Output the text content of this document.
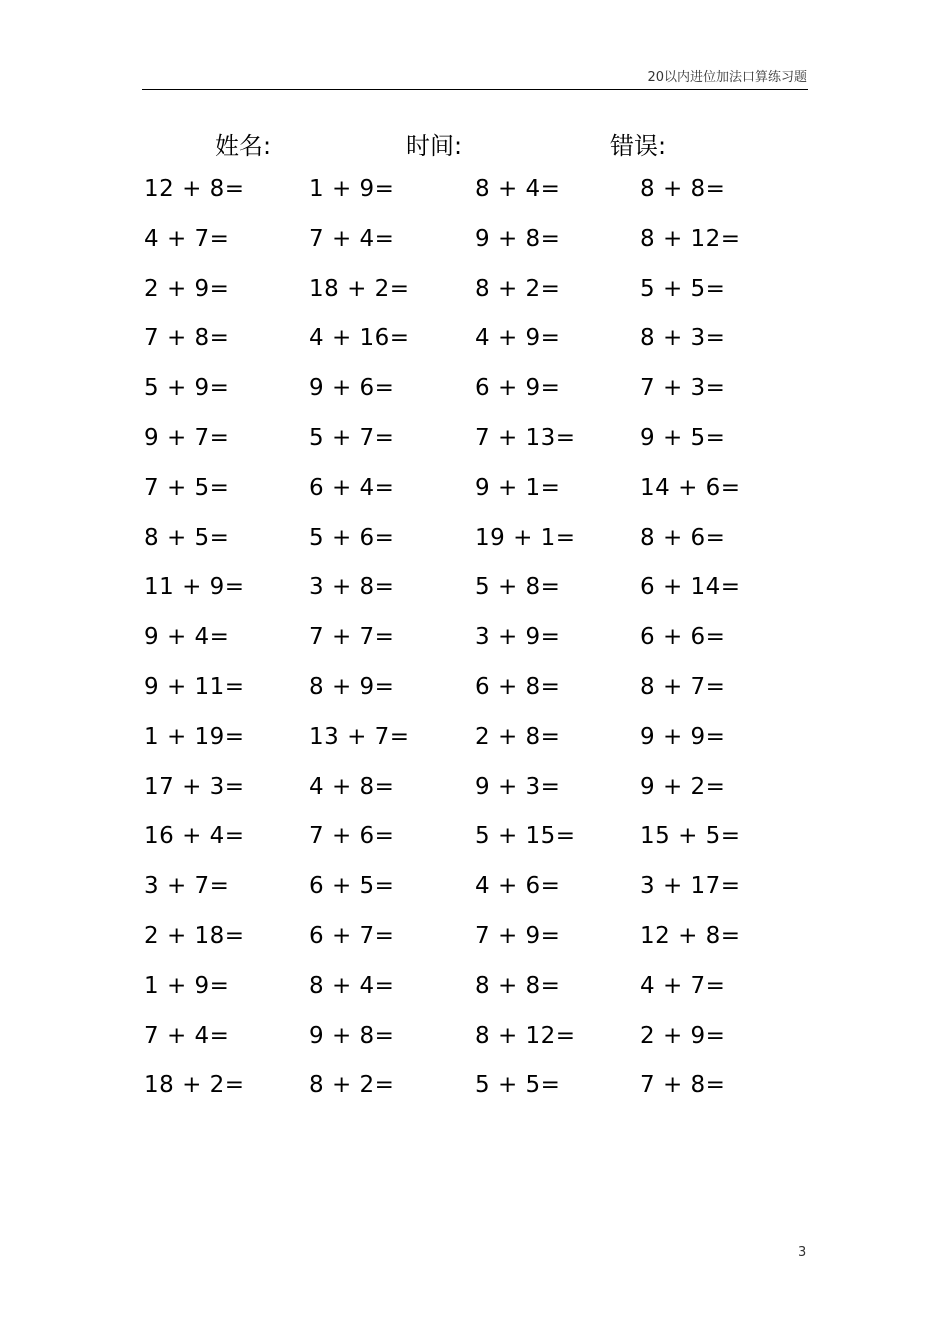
20以内进位加法口算练习题
姓名:	时间:	错误:
12 + 8=	1 + 9=	8 + 4=	8 + 8=
4 + 7=	7 + 4=	9 + 8=	8 + 12=
2 + 9=	18 + 2=	8 + 2=	5 + 5=
7 + 8=	4 + 16=	4 + 9=	8 + 3=
5 + 9=	9 + 6=	6 + 9=	7 + 3=
9 + 7=	5 + 7=	7 + 13=	9 + 5=
7 + 5=	6 + 4=	9 + 1=	14 + 6=
8 + 5=	5 + 6=	19 + 1=	8 + 6=
11 + 9=	3 + 8=	5 + 8=	6 + 14=
9 + 4=	7 + 7=	3 + 9=	6 + 6=
9 + 11=	8 + 9=	6 + 8=	8 + 7=
1 + 19=	13 + 7=	2 + 8=	9 + 9=
17 + 3=	4 + 8=	9 + 3=	9 + 2=
16 + 4=	7 + 6=	5 + 15=	15 + 5=
3 + 7=	6 + 5=	4 + 6=	3 + 17=
2 + 18=	6 + 7=	7 + 9=	12 + 8=
1 + 9=	8 + 4=	8 + 8=	4 + 7=
7 + 4=	9 + 8=	8 + 12=	2 + 9=
18 + 2=	8 + 2=	5 + 5=	7 + 8=
3
